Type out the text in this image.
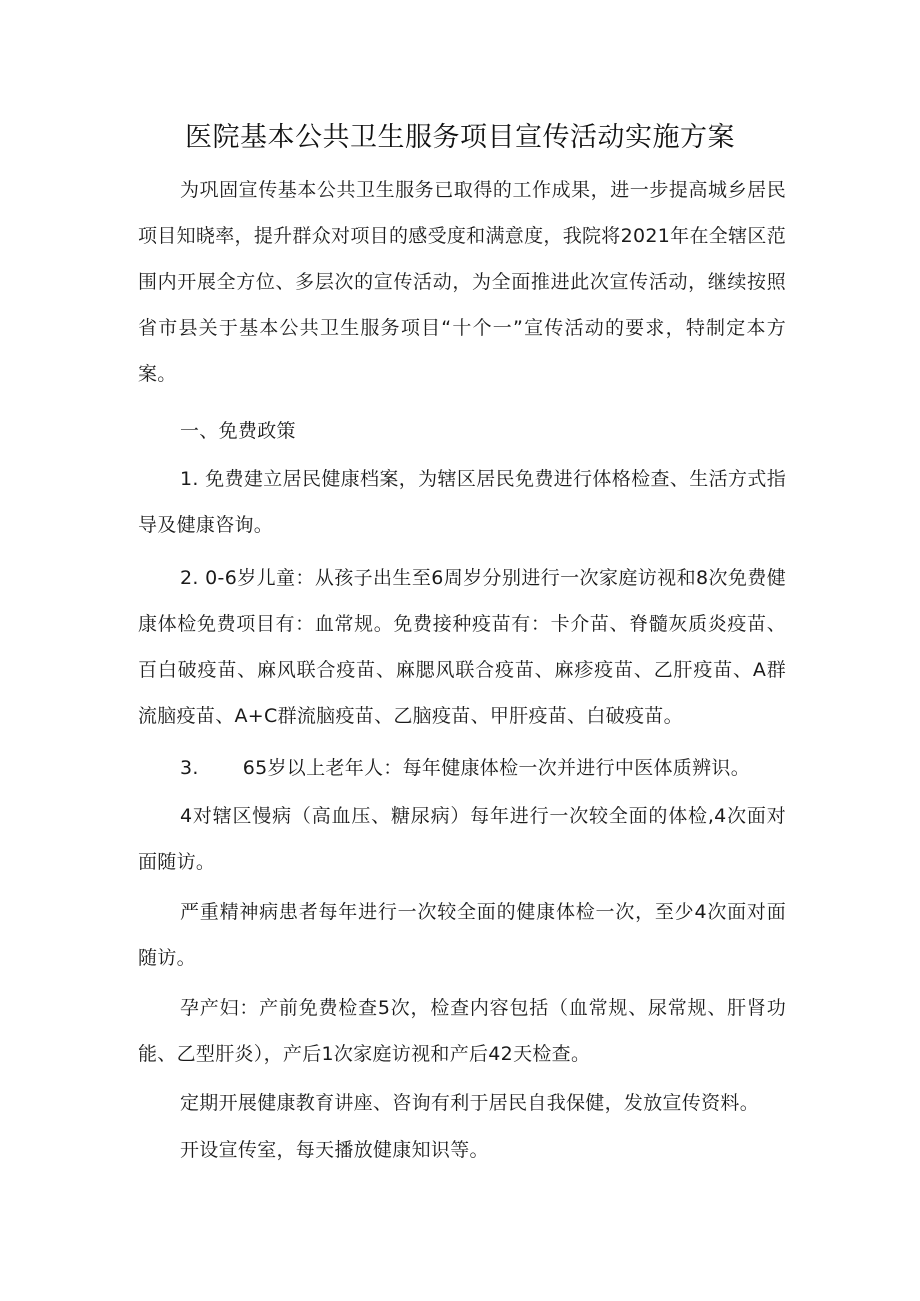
医院基本公共卫生服务项目宣传活动实施方案

为巩固宣传基本公共卫生服务已取得的工作成果，进一步提高城乡居民项目知晓率，提升群众对项目的感受度和满意度，我院将2021年在全辖区范围内开展全方位、多层次的宣传活动，为全面推进此次宣传活动，继续按照省市县关于基本公共卫生服务项目“十个一”宣传活动的要求，特制定本方案。

一、免费政策

1. 免费建立居民健康档案，为辖区居民免费进行体格检查、生活方式指导及健康咨询。

2. 0-6岁儿童：从孩子出生至6周岁分别进行一次家庭访视和8次免费健康体检免费项目有：血常规。免费接种疫苗有：卡介苗、脊髓灰质炎疫苗、百白破疫苗、麻风联合疫苗、麻腮风联合疫苗、麻疹疫苗、乙肝疫苗、A群流脑疫苗、A+C群流脑疫苗、乙脑疫苗、甲肝疫苗、白破疫苗。

3. 65岁以上老年人：每年健康体检一次并进行中医体质辨识。

4对辖区慢病（高血压、糖尿病）每年进行一次较全面的体检,4次面对面随访。

严重精神病患者每年进行一次较全面的健康体检一次，至少4次面对面随访。

孕产妇：产前免费检查5次，检查内容包括（血常规、尿常规、肝肾功能、乙型肝炎），产后1次家庭访视和产后42天检查。

定期开展健康教育讲座、咨询有利于居民自我保健，发放宣传资料。

开设宣传室，每天播放健康知识等。
